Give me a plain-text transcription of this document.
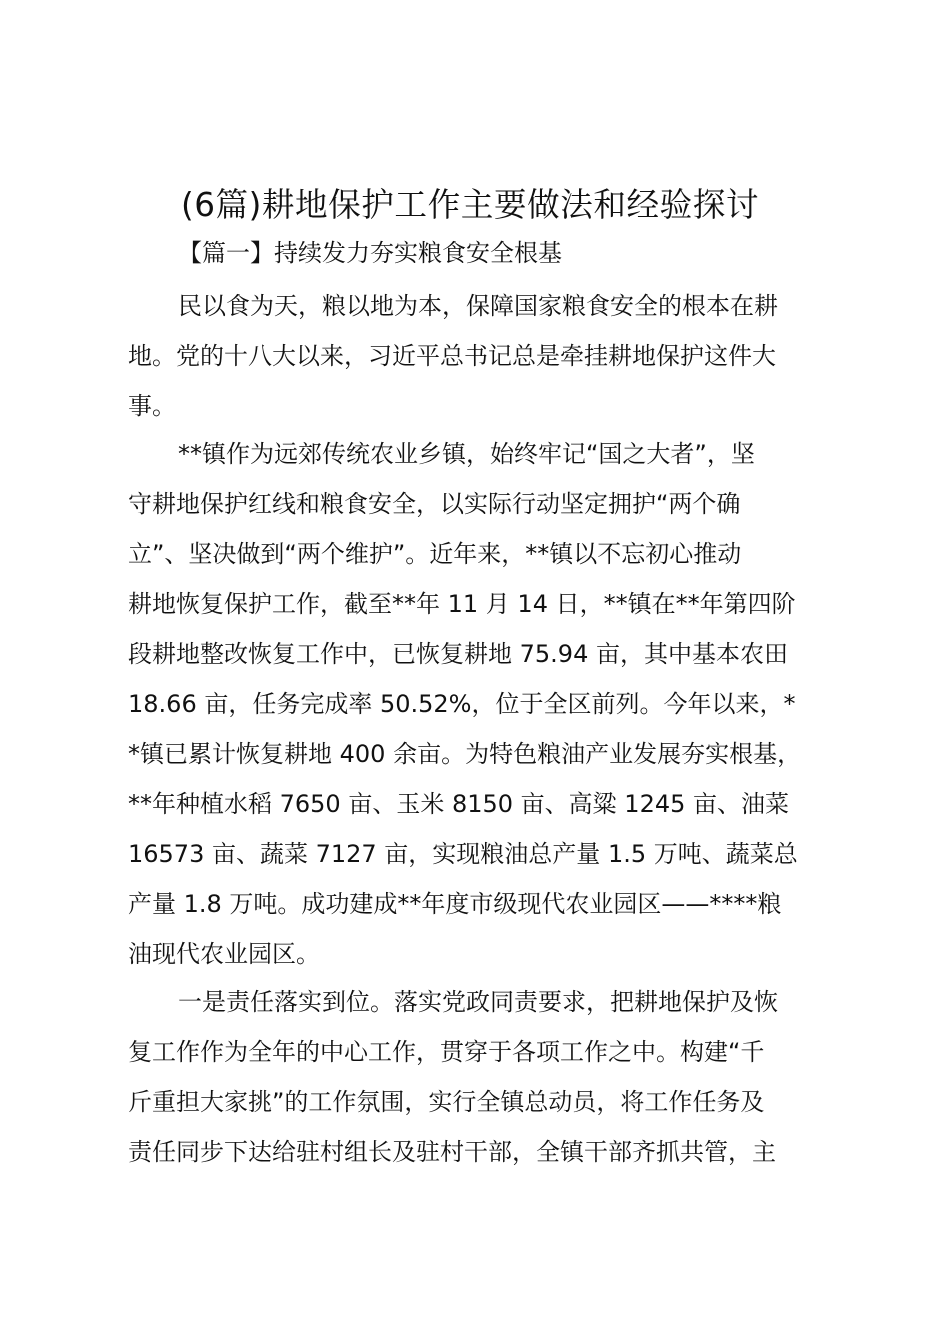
(6篇)耕地保护工作主要做法和经验探讨
【篇一】持续发力夯实粮食安全根基
民以食为天，粮以地为本，保障国家粮食安全的根本在耕
地。党的十八大以来，习近平总书记总是牵挂耕地保护这件大
事。
**镇作为远郊传统农业乡镇，始终牢记“国之大者”，坚
守耕地保护红线和粮食安全，以实际行动坚定拥护“两个确
立”、坚决做到“两个维护”。近年来，**镇以不忘初心推动
耕地恢复保护工作，截至**年 11 月 14 日，**镇在**年第四阶
段耕地整改恢复工作中，已恢复耕地 75.94 亩，其中基本农田
18.66 亩，任务完成率 50.52%，位于全区前列。今年以来，*
*镇已累计恢复耕地 400 余亩。为特色粮油产业发展夯实根基，
**年种植水稻 7650 亩、玉米 8150 亩、高粱 1245 亩、油菜
16573 亩、蔬菜 7127 亩，实现粮油总产量 1.5 万吨、蔬菜总
产量 1.8 万吨。成功建成**年度市级现代农业园区——****粮
油现代农业园区。
一是责任落实到位。落实党政同责要求，把耕地保护及恢
复工作作为全年的中心工作，贯穿于各项工作之中。构建“千
斤重担大家挑”的工作氛围，实行全镇总动员，将工作任务及
责任同步下达给驻村组长及驻村干部，全镇干部齐抓共管，主
